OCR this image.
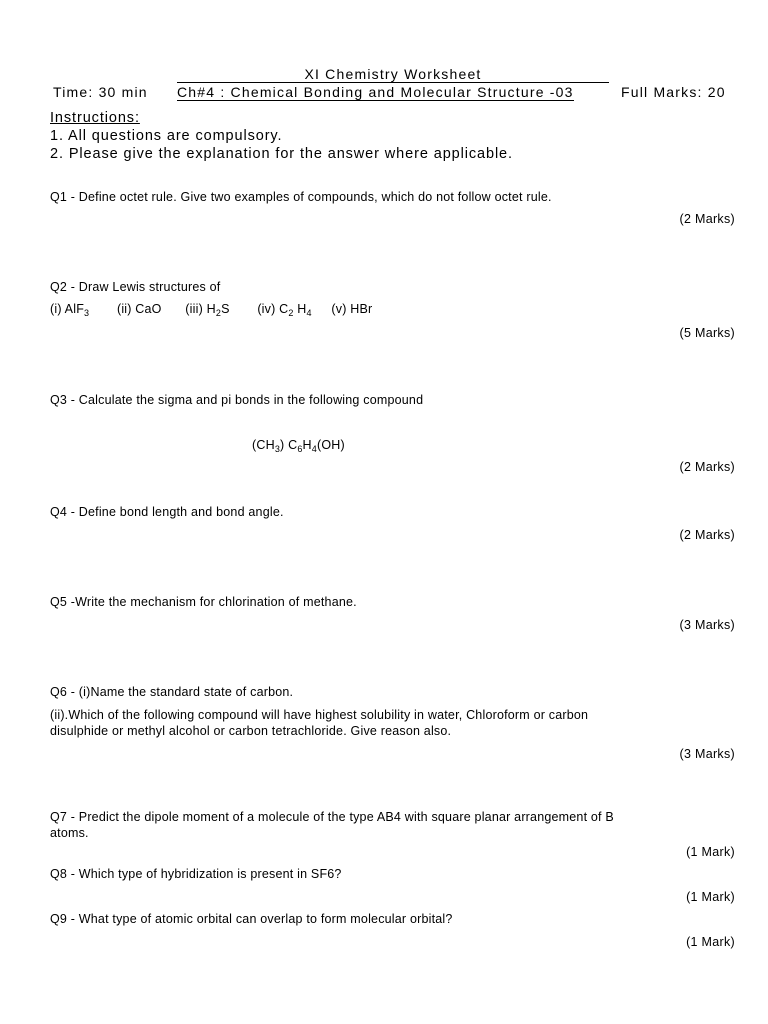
XI Chemistry Worksheet
Time: 30 min Ch#4 : Chemical Bonding and Molecular Structure -03	Full Marks: 20
Instructions:
1. All questions are compulsory.
2. Please give the explanation for the answer where applicable.
Q1 - Define octet rule. Give two examples of compounds, which do not follow octet rule.
(2 Marks)
Q2 - Draw Lewis structures of
(i) AlF$_3$ (ii) CaO (iii) $H_2S$ (iv) $C_2$ $H_4$ (v) HBr
(5 Marks)
Q3 - Calculate the sigma and pi bonds in the following compound
$(CH_3)$ $C_6H_4(OH)$
(2 Marks)
Q4 - Define bond length and bond angle.
(2 Marks)
Q5 -Write the mechanism for chlorination of methane.
(3 Marks)
Q6 - (i)Name the standard state of carbon.
(ii).Which of the following compound will have highest solubility in water, Chloroform or carbon
disulphide or methyl alcohol or carbon tetrachloride. Give reason also.
(3 Marks)
Q7 - Predict the dipole moment of a molecule of the type AB4 with square planar arrangement of B
atoms.
(1 Mark)
Q8 - Which type of hybridization is present in SF6?
(1 Mark)
Q9 - What type of atomic orbital can overlap to form molecular orbital?
(1 Mark)
